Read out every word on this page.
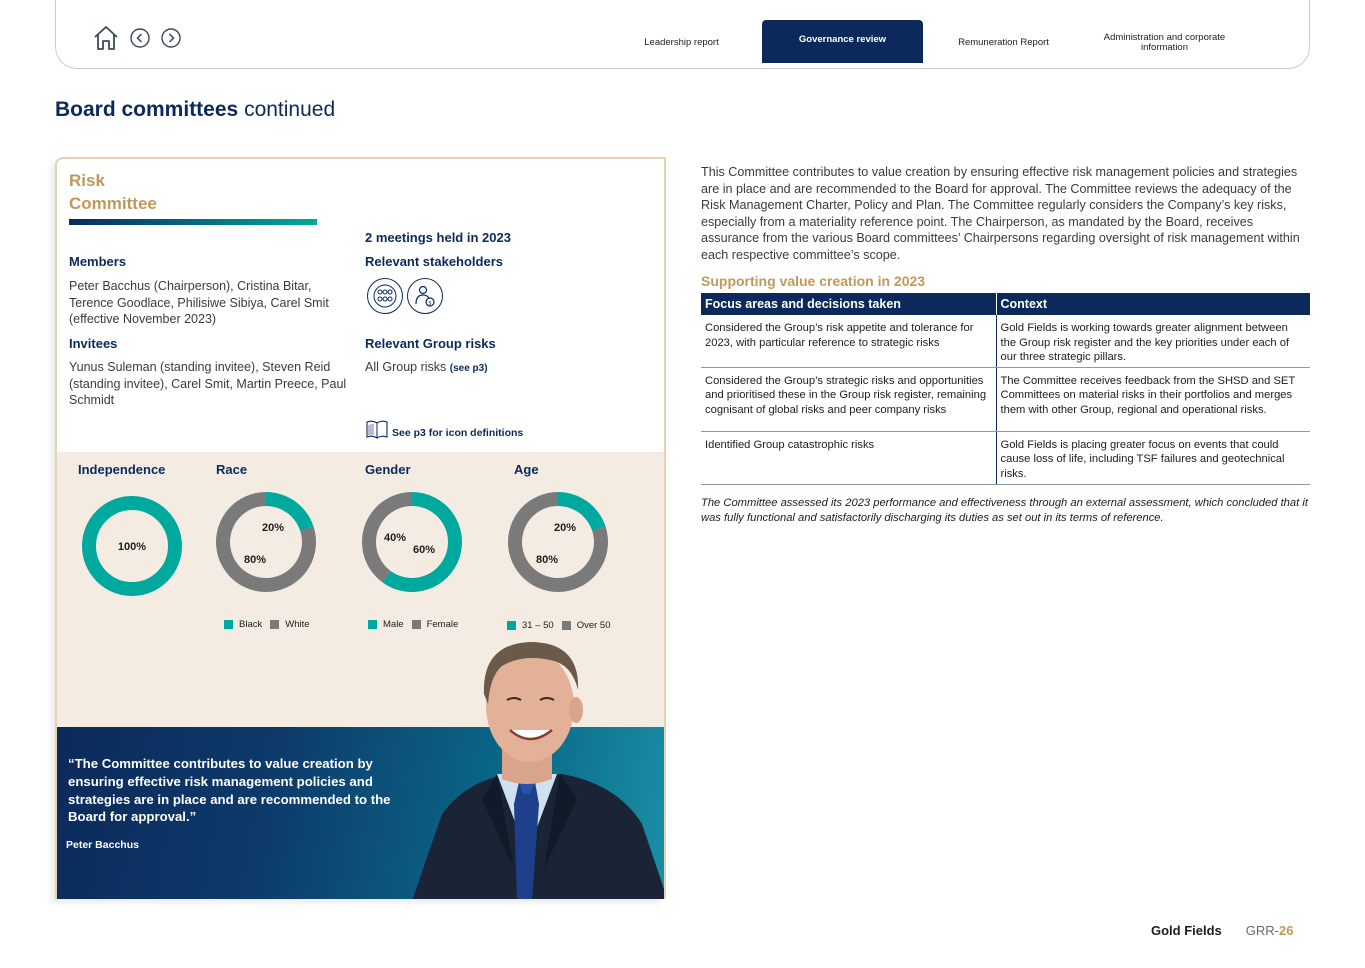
Leadership report	Governance review	Remuneration Report	Administration and corporate information
Board committees continued
Risk
Committee
Members
Peter Bacchus (Chairperson), Cristina Bitar, Terence Goodlace, Philisiwe Sibiya, Carel Smit (effective November 2023)
Invitees
Yunus Suleman (standing invitee), Steven Reid (standing invitee), Carel Smit, Martin Preece, Paul Schmidt
2 meetings held in 2023
Relevant stakeholders
$
Relevant Group risks
All Group risks (see p3)
See p3 for icon definitions
Independence	Race	Gender	Age
100%
20%
80%
60%
40%
20%
80%
Black White	Male Female	31 – 50 Over 50
“The Committee contributes to value creation by ensuring effective risk management policies and strategies are in place and are recommended to the Board for approval.”
Peter Bacchus

This Committee contributes to value creation by ensuring effective risk management policies and strategies are in place and are recommended to the Board for approval. The Committee reviews the adequacy of the Risk Management Charter, Policy and Plan. The Committee regularly considers the Company’s key risks, especially from a materiality reference point. The Chairperson, as mandated by the Board, receives assurance from the various Board committees’ Chairpersons regarding oversight of risk management within each respective committee’s scope.

Supporting value creation in 2023
Focus areas and decisions taken	Context
Considered the Group’s risk appetite and tolerance for 2023, with particular reference to strategic risks	Gold Fields is working towards greater alignment between the Group risk register and the key priorities under each of our three strategic pillars.
Considered the Group’s strategic risks and opportunities and prioritised these in the Group risk register, remaining cognisant of global risks and peer company risks	The Committee receives feedback from the SHSD and SET Committees on material risks in their portfolios and merges them with other Group, regional and operational risks.
Identified Group catastrophic risks	Gold Fields is placing greater focus on events that could cause loss of life, including TSF failures and geotechnical risks.

The Committee assessed its 2023 performance and effectiveness through an external assessment, which concluded that it was fully functional and satisfactorily discharging its duties as set out in its terms of reference.

Gold Fields GRR-26
